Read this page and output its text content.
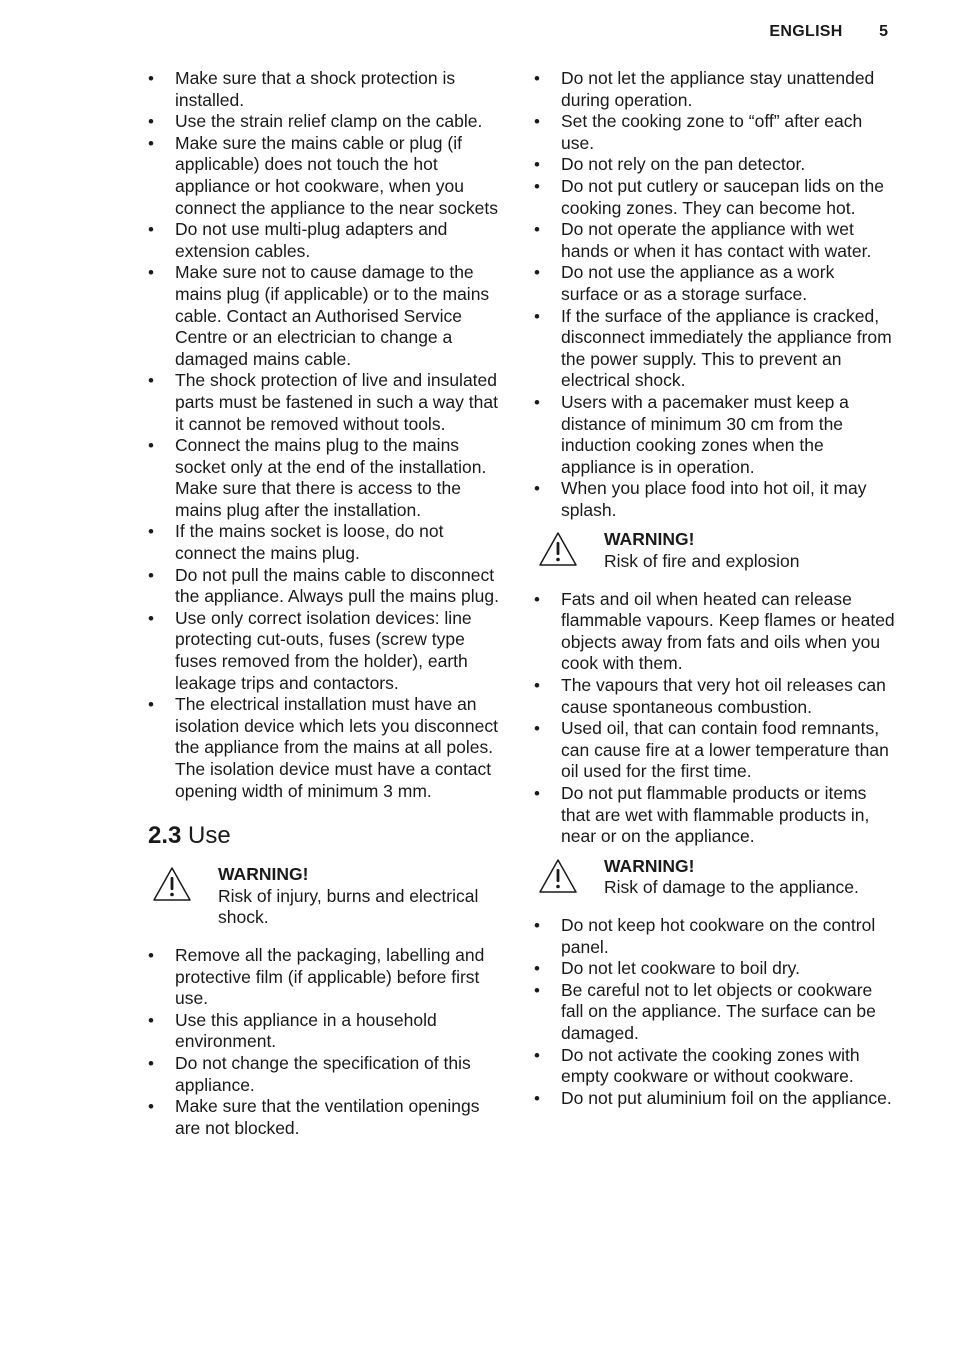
ENGLISH 5
• Make sure that a shock protection is installed.
• Use the strain relief clamp on the cable.
• Make sure the mains cable or plug (if applicable) does not touch the hot appliance or hot cookware, when you connect the appliance to the near sockets
• Do not use multi-plug adapters and extension cables.
• Make sure not to cause damage to the mains plug (if applicable) or to the mains cable. Contact an Authorised Service Centre or an electrician to change a damaged mains cable.
• The shock protection of live and insulated parts must be fastened in such a way that it cannot be removed without tools.
• Connect the mains plug to the mains socket only at the end of the installation. Make sure that there is access to the mains plug after the installation.
• If the mains socket is loose, do not connect the mains plug.
• Do not pull the mains cable to disconnect the appliance. Always pull the mains plug.
• Use only correct isolation devices: line protecting cut-outs, fuses (screw type fuses removed from the holder), earth leakage trips and contactors.
• The electrical installation must have an isolation device which lets you disconnect the appliance from the mains at all poles. The isolation device must have a contact opening width of minimum 3 mm.
2.3 Use
WARNING!
Risk of injury, burns and electrical shock.
• Remove all the packaging, labelling and protective film (if applicable) before first use.
• Use this appliance in a household environment.
• Do not change the specification of this appliance.
• Make sure that the ventilation openings are not blocked.
• Do not let the appliance stay unattended during operation.
• Set the cooking zone to “off” after each use.
• Do not rely on the pan detector.
• Do not put cutlery or saucepan lids on the cooking zones. They can become hot.
• Do not operate the appliance with wet hands or when it has contact with water.
• Do not use the appliance as a work surface or as a storage surface.
• If the surface of the appliance is cracked, disconnect immediately the appliance from the power supply. This to prevent an electrical shock.
• Users with a pacemaker must keep a distance of minimum 30 cm from the induction cooking zones when the appliance is in operation.
• When you place food into hot oil, it may splash.
WARNING!
Risk of fire and explosion
• Fats and oil when heated can release flammable vapours. Keep flames or heated objects away from fats and oils when you cook with them.
• The vapours that very hot oil releases can cause spontaneous combustion.
• Used oil, that can contain food remnants, can cause fire at a lower temperature than oil used for the first time.
• Do not put flammable products or items that are wet with flammable products in, near or on the appliance.
WARNING!
Risk of damage to the appliance.
• Do not keep hot cookware on the control panel.
• Do not let cookware to boil dry.
• Be careful not to let objects or cookware fall on the appliance. The surface can be damaged.
• Do not activate the cooking zones with empty cookware or without cookware.
• Do not put aluminium foil on the appliance.
